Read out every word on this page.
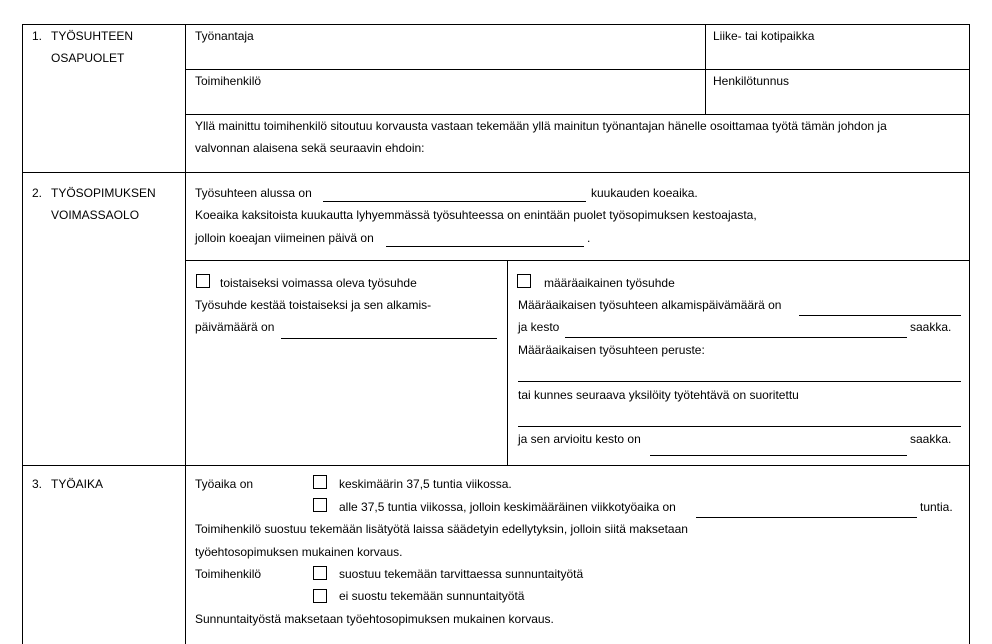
1. TYÖSUHTEEN
OSAPUOLET
Työnantaja	Liike- tai kotipaikka
Toimihenkilö	Henkilötunnus
Yllä mainittu toimihenkilö sitoutuu korvausta vastaan tekemään yllä mainitun työnantajan hänelle osoittamaa työtä tämän johdon ja
valvonnan alaisena sekä seuraavin ehdoin:
2. TYÖSOPIMUKSEN
VOIMASSAOLO
Työsuhteen alussa on	kuukauden koeaika.
Koeaika kaksitoista kuukautta lyhyemmässä työsuhteessa on enintään puolet työsopimuksen kestoajasta,
jolloin koeajan viimeinen päivä on	.
toistaiseksi voimassa oleva työsuhde
Työsuhde kestää toistaiseksi ja sen alkamis-
päivämäärä on
määräaikainen työsuhde
Määräaikaisen työsuhteen alkamispäivämäärä on
ja kesto	saakka.
Määräaikaisen työsuhteen peruste:
tai kunnes seuraava yksilöity työtehtävä on suoritettu
ja sen arvioitu kesto on	saakka.
3. TYÖAIKA	Työaika on	keskimäärin 37,5 tuntia viikossa.
alle 37,5 tuntia viikossa, jolloin keskimääräinen viikkotyöaika on	tuntia.
Toimihenkilö suostuu tekemään lisätyötä laissa säädetyin edellytyksin, jolloin siitä maksetaan
työehtosopimuksen mukainen korvaus.
Toimihenkilö	suostuu tekemään tarvittaessa sunnuntaityötä
ei suostu tekemään sunnuntaityötä
Sunnuntaityöstä maksetaan työehtosopimuksen mukainen korvaus.
